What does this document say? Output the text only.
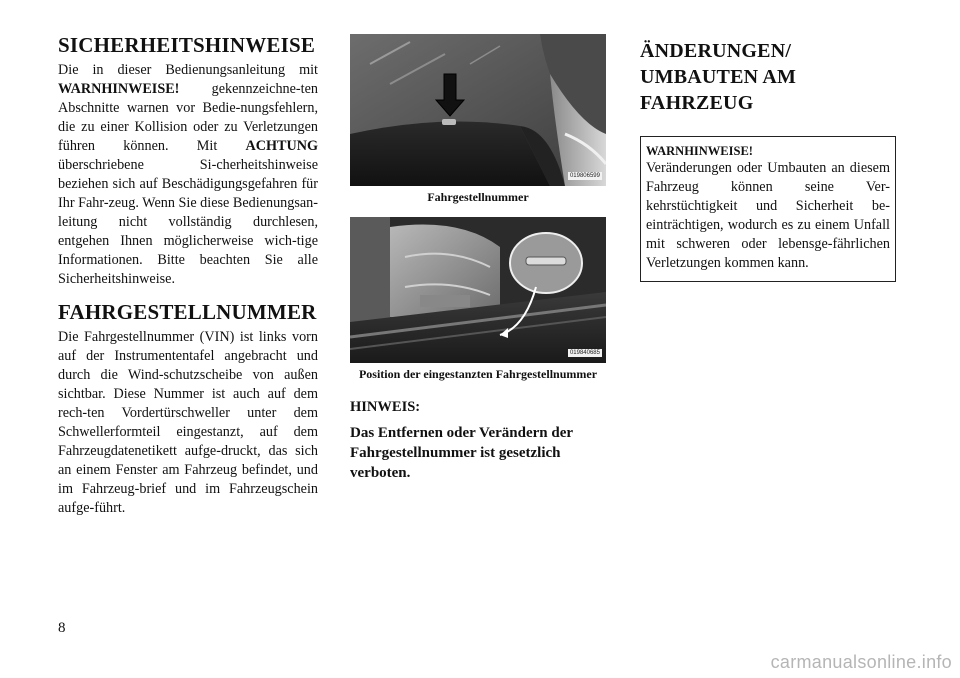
SICHERHEITSHINWEISE

Die in dieser Bedienungsanleitung mit WARNHINWEISE! gekennzeichne-ten Abschnitte warnen vor Bedie-nungsfehlern, die zu einer Kollision oder zu Verletzungen führen können. Mit ACHTUNG überschriebene Si-cherheitshinweise beziehen sich auf Beschädigungsgefahren für Ihr Fahr-zeug. Wenn Sie diese Bedienungsan-leitung nicht vollständig durchlesen, entgehen Ihnen möglicherweise wich-tige Informationen. Bitte beachten Sie alle Sicherheitshinweise.

FAHRGESTELLNUMMER

Die Fahrgestellnummer (VIN) ist links vorn auf der Instrumententafel angebracht und durch die Wind-schutzscheibe von außen sichtbar. Diese Nummer ist auch auf dem rech-ten Vordertürschweller unter dem Schwellerformteil eingestanzt, auf dem Fahrzeugdatenetikett aufge-druckt, das sich an einem Fenster am Fahrzeug befindet, und im Fahrzeug-brief und im Fahrzeugschein aufge-führt.

019806599
Fahrgestellnummer
019840685
Position der eingestanzten Fahrgestellnummer
HINWEIS:

Das Entfernen oder Verändern der Fahrgestellnummer ist gesetzlich verboten.

ÄNDERUNGEN/ UMBAUTEN AM FAHRZEUG

WARNHINWEISE!

Veränderungen oder Umbauten an diesem Fahrzeug können seine Ver-kehrstüchtigkeit und Sicherheit be-einträchtigen, wodurch es zu einem Unfall mit schweren oder lebensge-fährlichen Verletzungen kommen kann.

8
carmanualsonline.info
